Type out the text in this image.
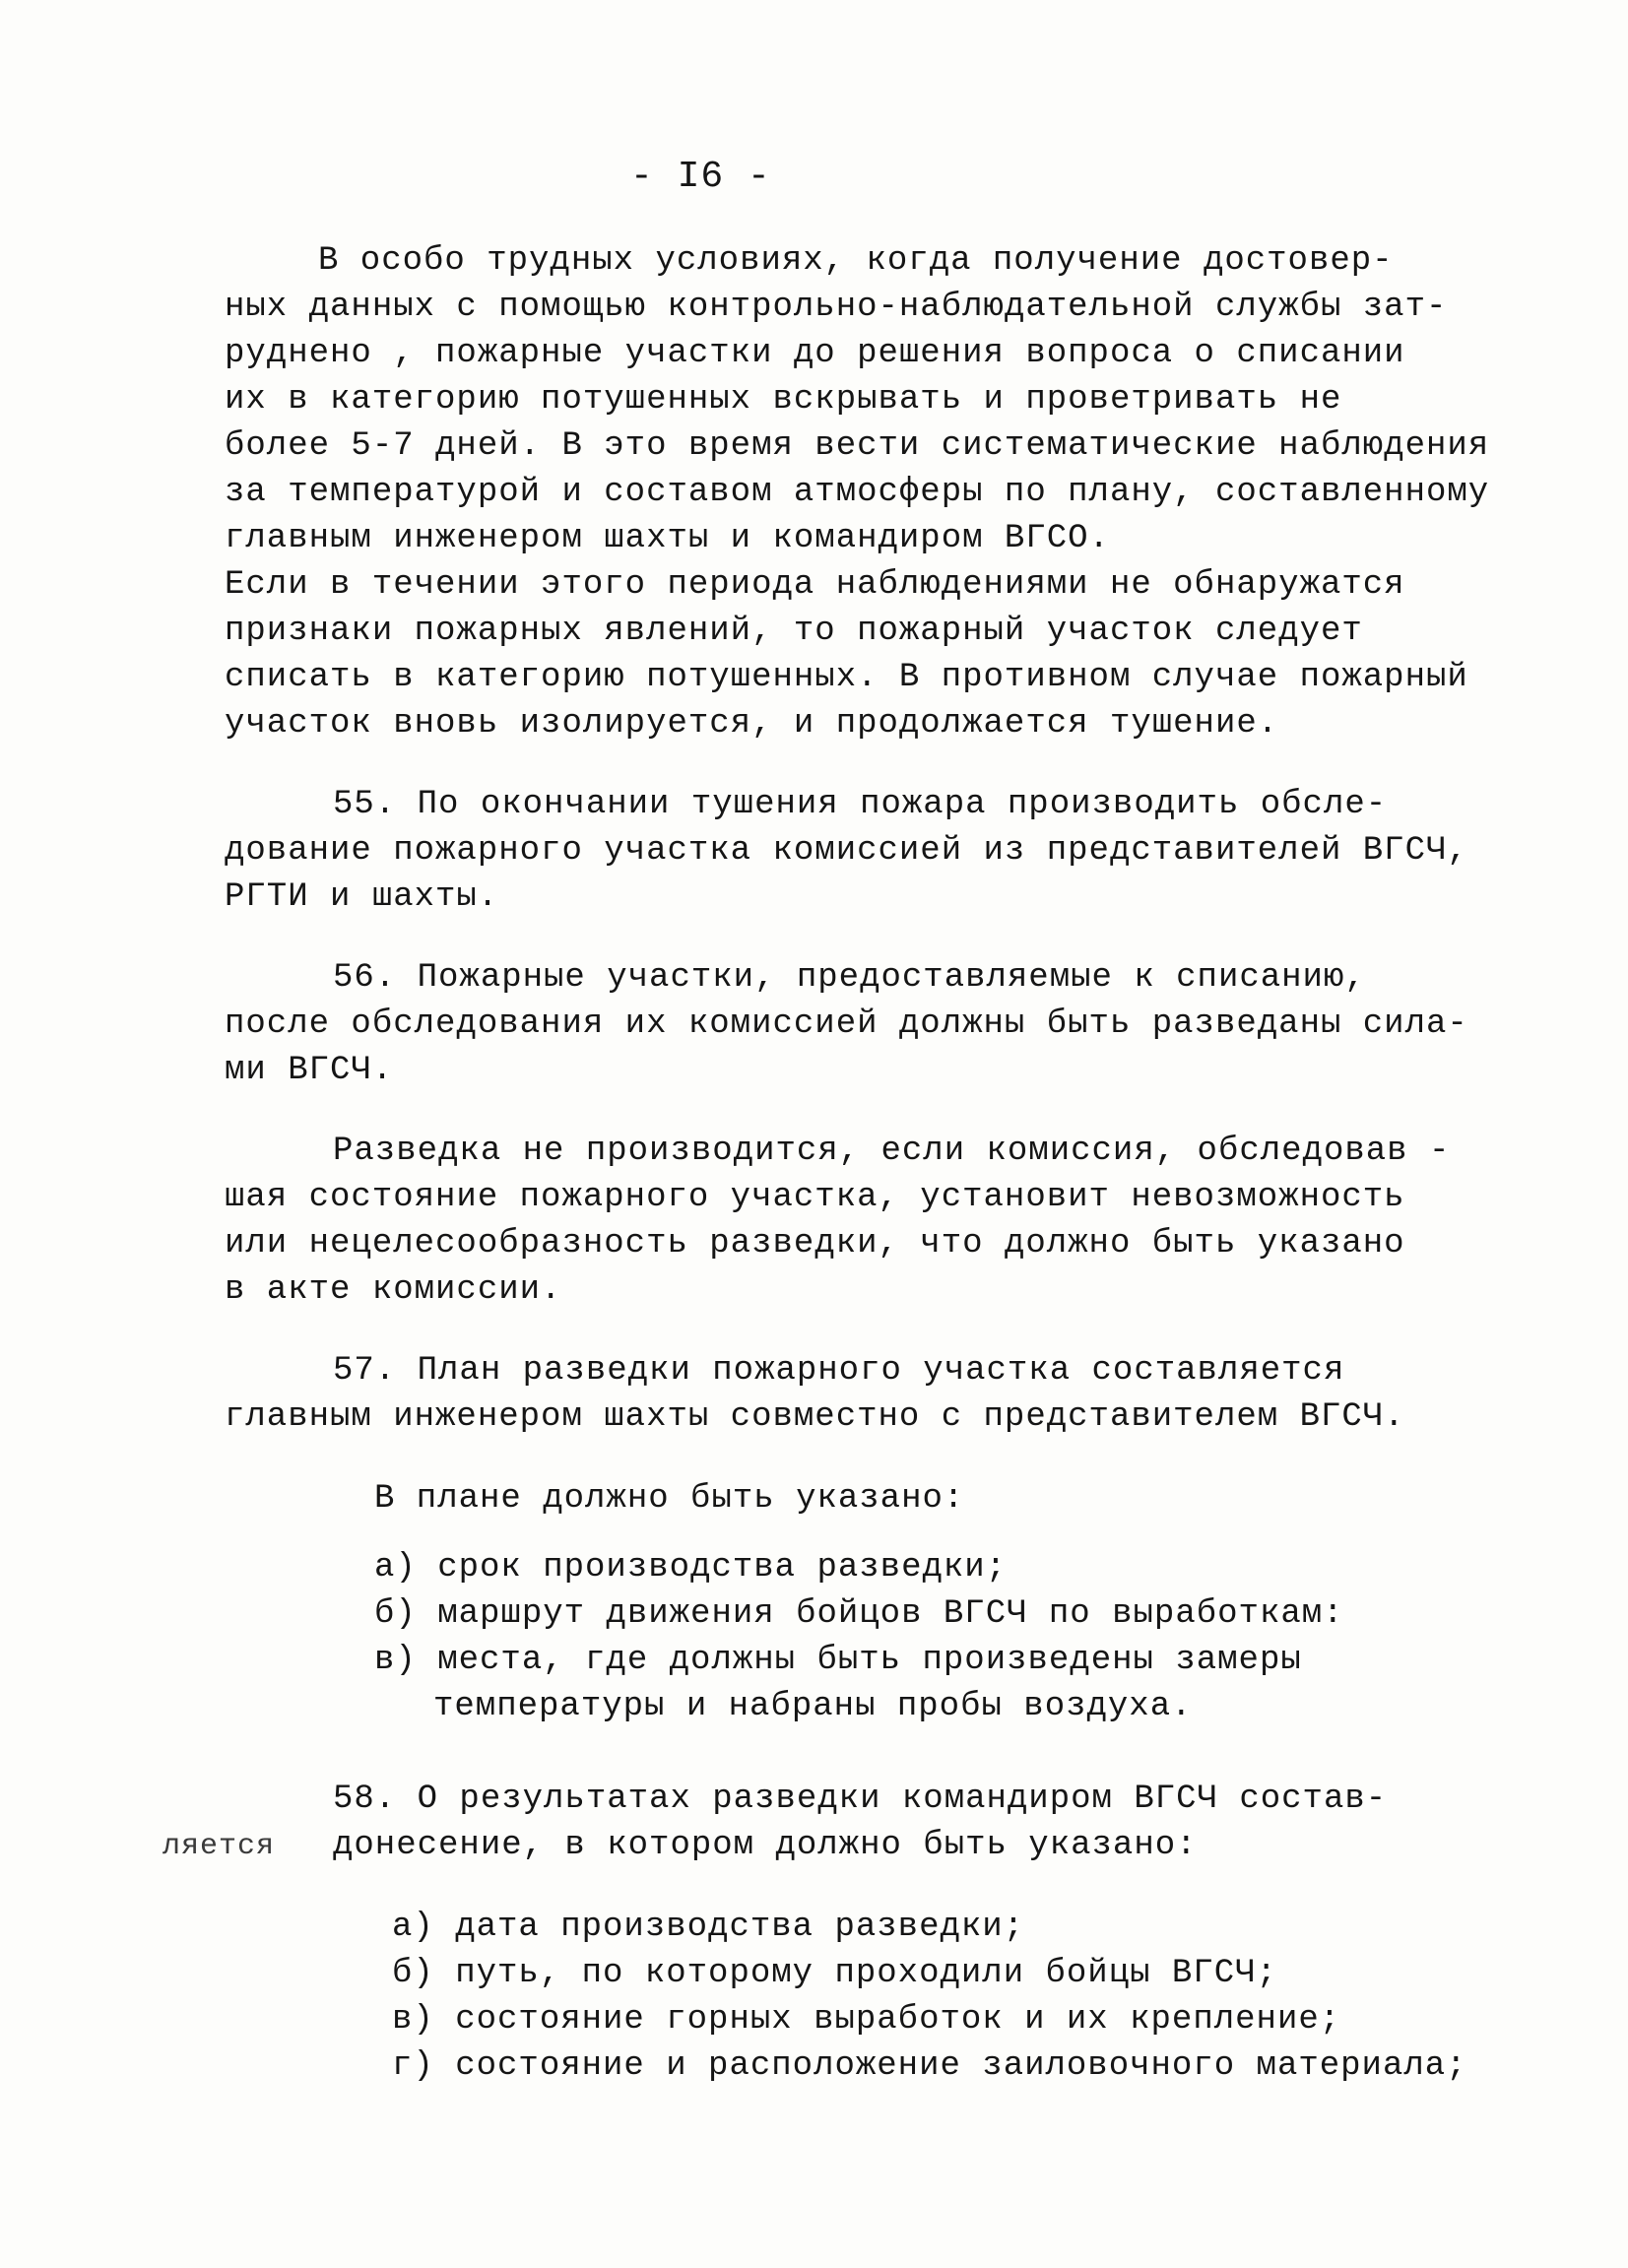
- I6 -
В особо трудных условиях, когда получение достовер-
ных данных с помощью контрольно-наблюдательной службы зат-
руднено , пожарные участки до решения вопроса о списании
их в категорию потушенных вскрывать и проветривать не
более 5-7 дней. В это время вести систематические наблюдения
за температурой и составом атмосферы по плану, составленному
главным инженером шахты и командиром ВГСО.
Если в течении этого периода наблюдениями не обнаружатся
признаки пожарных явлений, то пожарный участок следует
списать в категорию потушенных. В противном случае пожарный
участок вновь изолируется, и продолжается тушение.
55. По окончании тушения пожара производить обсле-
дование пожарного участка комиссией из представителей ВГСЧ,
РГТИ и шахты.
56. Пожарные участки, предоставляемые к списанию,
после обследования их комиссией должны быть разведаны сила-
ми ВГСЧ.
Разведка не производится, если комиссия, обследовав -
шая состояние пожарного участка, установит невозможность
или нецелесообразность разведки, что должно быть указано
в акте комиссии.
57. План разведки пожарного участка составляется
главным инженером шахты совместно с представителем ВГСЧ.
В плане должно быть указано:
а) срок производства разведки;
б) маршрут движения бойцов ВГСЧ по выработкам:
в) места, где должны быть произведены замеры
температуры и набраны пробы воздуха.
58. О результатах разведки командиром ВГСЧ состав-
ляется донесение, в котором должно быть указано:
а) дата производства разведки;
б) путь, по которому проходили бойцы ВГСЧ;
в) состояние горных выработок и их крепление;
г) состояние и расположение заиловочного материала;
